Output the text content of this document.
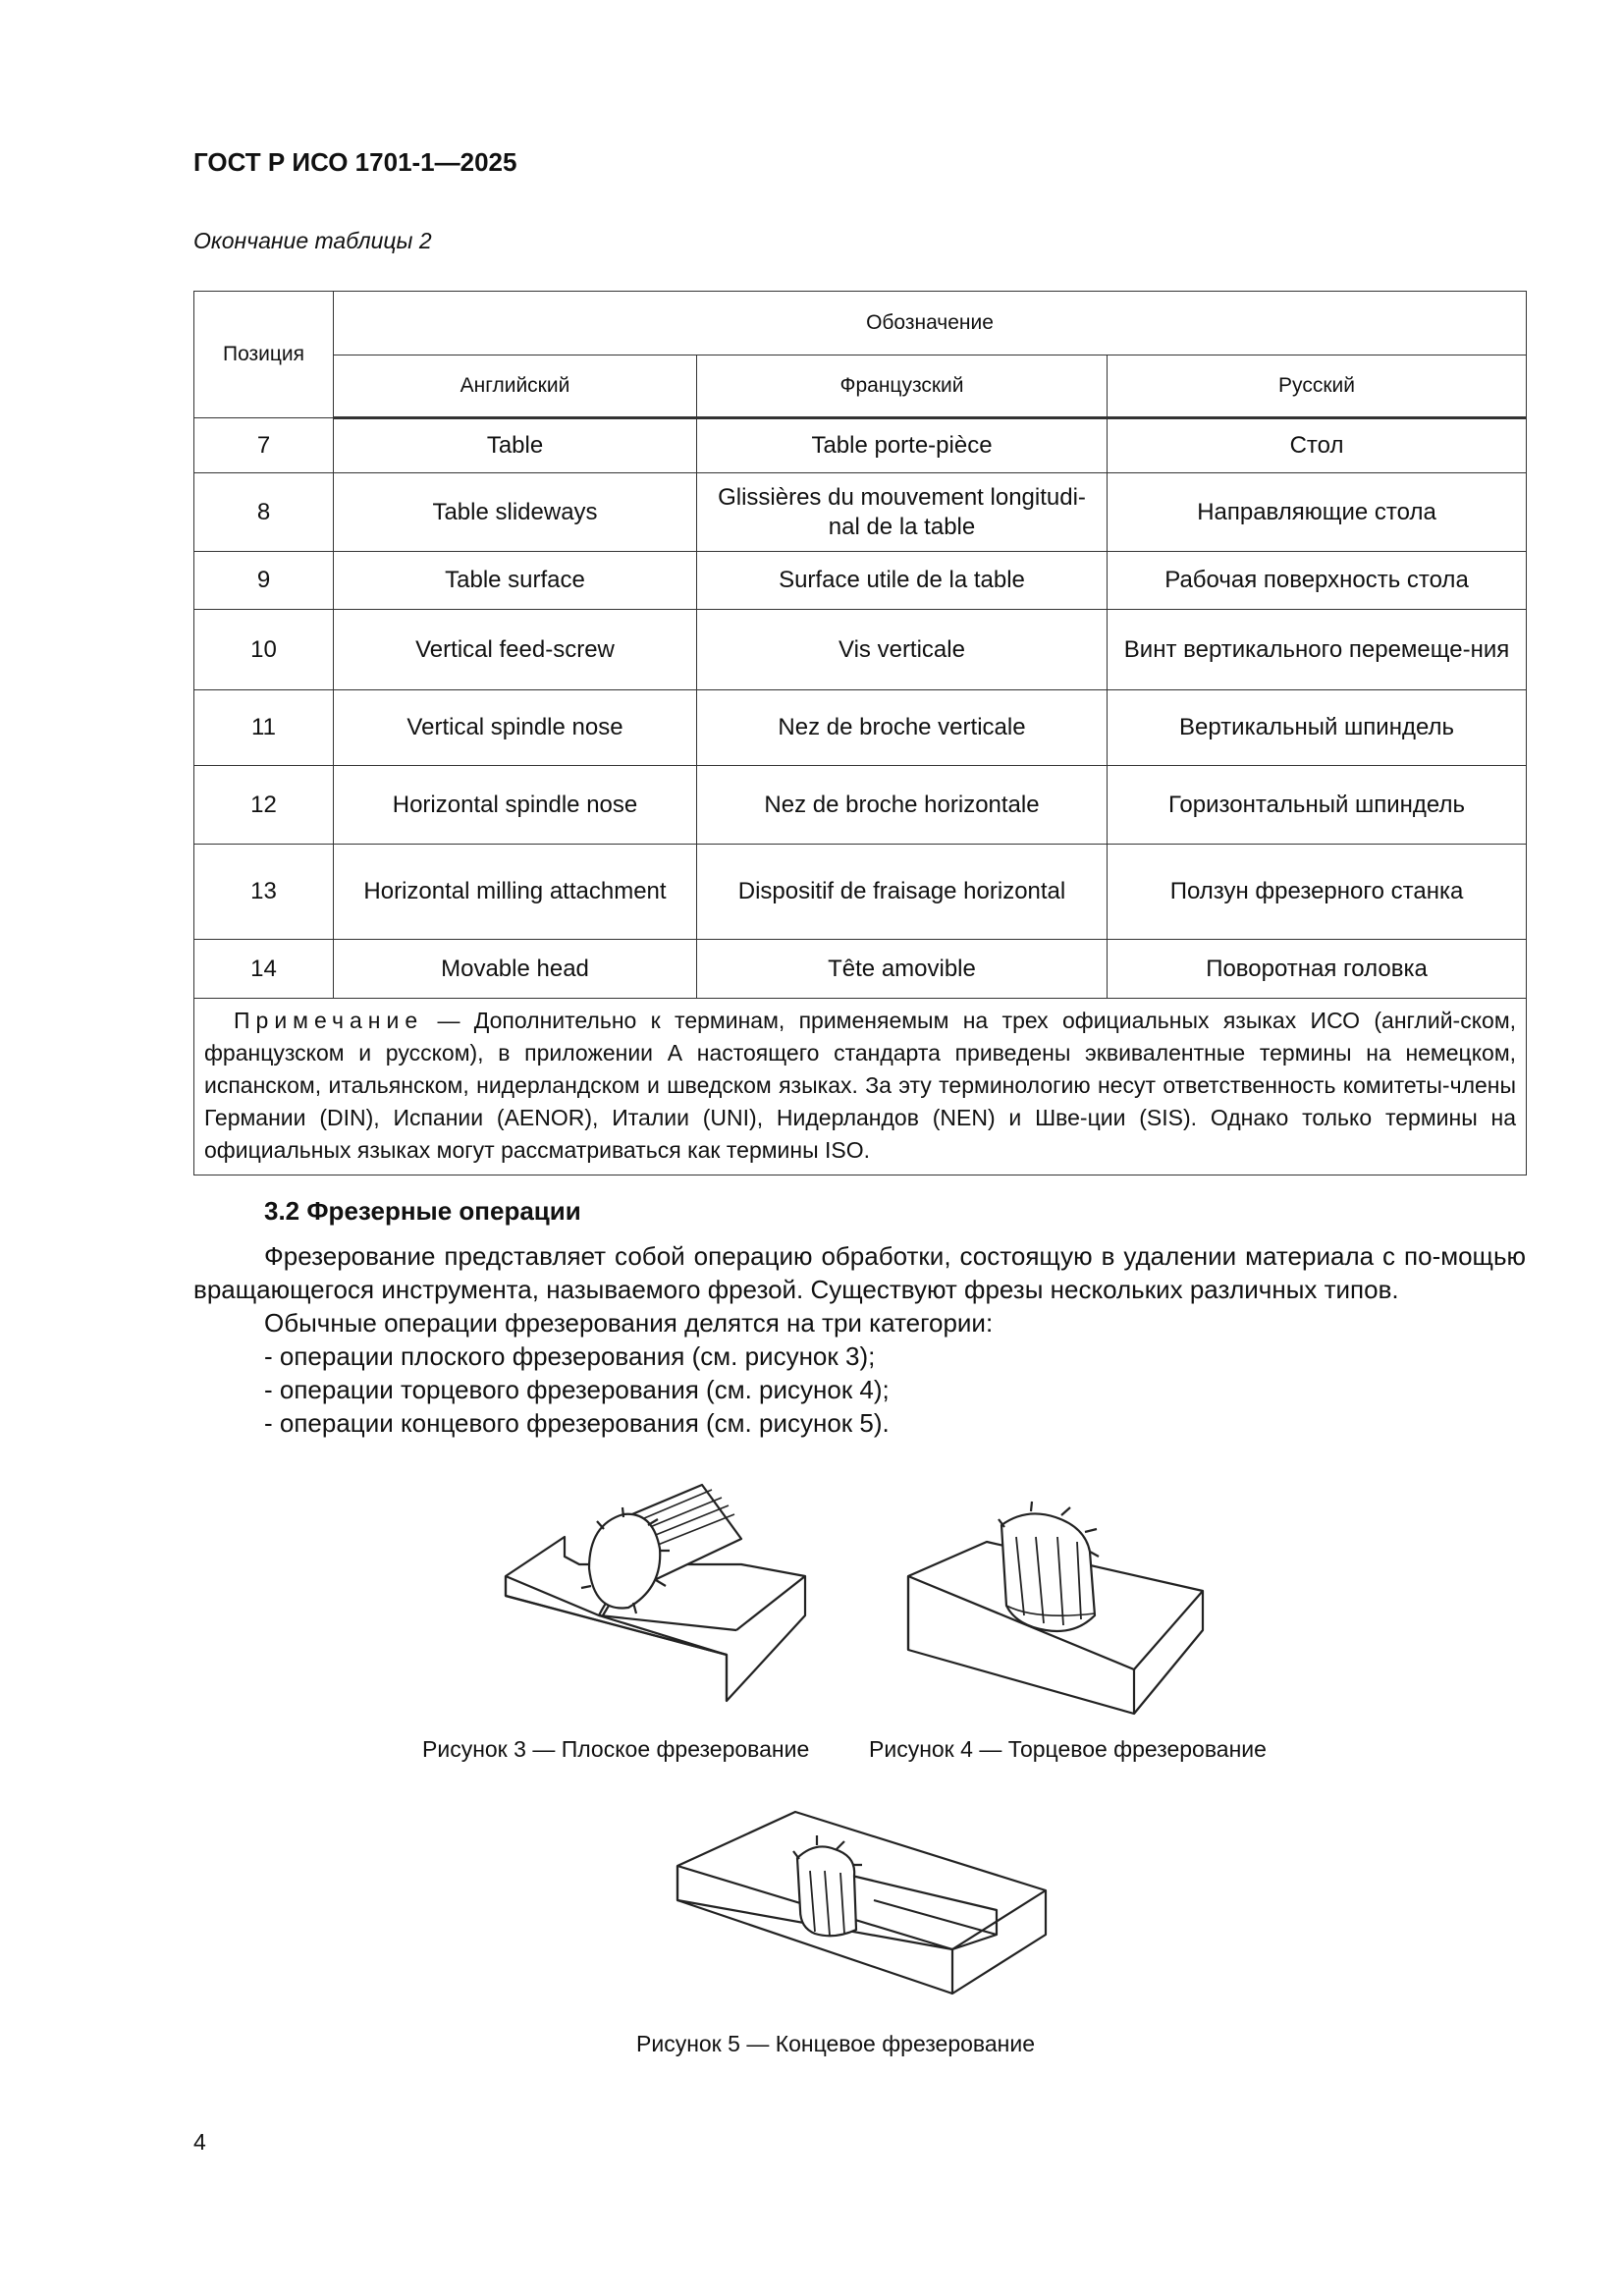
ГОСТ Р ИСО 1701-1—2025
Окончание таблицы 2
Позиция	Обозначение		
	Английский	Французский	Русский
7	Table	Table porte-pièce	Стол
8	Table slideways	Glissières du mouvement longitudi-nal de la table	Направляющие стола
9	Table surface	Surface utile de la table	Рабочая поверхность стола
10	Vertical feed-screw	Vis verticale	Винт вертикального перемеще-ния
11	Vertical spindle nose	Nez de broche verticale	Вертикальный шпиндель
12	Horizontal spindle nose	Nez de broche horizontale	Горизонтальный шпиндель
13	Horizontal milling attachment	Dispositif de fraisage horizontal	Ползун фрезерного станка
14	Movable head	Tête amovible	Поворотная головка
Примечание — Дополнительно к терминам, применяемым на трех официальных языках ИСО (англий-ском, французском и русском), в приложении А настоящего стандарта приведены эквивалентные термины на немецком, испанском, итальянском, нидерландском и шведском языках. За эту терминологию несут ответственность комитеты-члены Германии (DIN), Испании (AENOR), Италии (UNI), Нидерландов (NEN) и Шве-ции (SIS). Однако только термины на официальных языках могут рассматриваться как термины ISO.			
3.2 Фрезерные операции

Фрезерование представляет собой операцию обработки, состоящую в удалении материала с по-мощью вращающегося инструмента, называемого фрезой. Существуют фрезы нескольких различных типов.

Обычные операции фрезерования делятся на три категории:

- операции плоского фрезерования (см. рисунок 3);
- операции торцевого фрезерования (см. рисунок 4);
- операции концевого фрезерования (см. рисунок 5).
Рисунок 3 — Плоское фрезерование	Рисунок 4 — Торцевое фрезерование
Рисунок 5 — Концевое фрезерование
4
